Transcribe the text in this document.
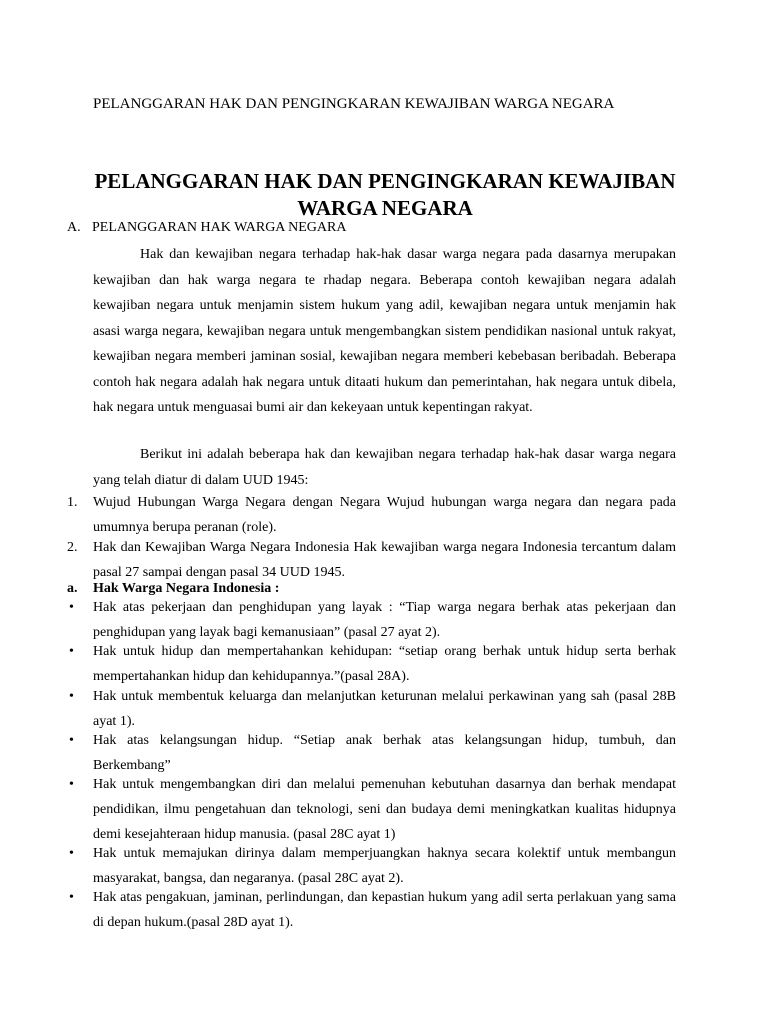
PELANGGARAN HAK DAN PENGINGKARAN KEWAJIBAN WARGA NEGARA
PELANGGARAN HAK DAN PENGINGKARAN KEWAJIBAN WARGA NEGARA
A. PELANGGARAN HAK WARGA NEGARA
Hak dan kewajiban negara terhadap hak-hak dasar warga negara pada dasarnya merupakan kewajiban dan hak warga negara te rhadap negara. Beberapa contoh kewajiban negara adalah kewajiban negara untuk menjamin sistem hukum yang adil, kewajiban negara untuk menjamin hak asasi warga negara, kewajiban negara untuk mengembangkan sistem pendidikan nasional untuk rakyat, kewajiban negara memberi jaminan sosial, kewajiban negara memberi kebebasan beribadah. Beberapa contoh hak negara adalah hak negara untuk ditaati hukum dan pemerintahan, hak negara untuk dibela, hak negara untuk menguasai bumi air dan kekeyaan untuk kepentingan rakyat.
Berikut ini adalah beberapa hak dan kewajiban negara terhadap hak-hak dasar warga negara yang telah diatur di dalam UUD 1945:
1. Wujud Hubungan Warga Negara dengan Negara Wujud hubungan warga negara dan negara pada umumnya berupa peranan (role).
2. Hak dan Kewajiban Warga Negara Indonesia Hak kewajiban warga negara Indonesia tercantum dalam pasal 27 sampai dengan pasal 34 UUD 1945.
a. Hak Warga Negara Indonesia :
• Hak atas pekerjaan dan penghidupan yang layak : “Tiap warga negara berhak atas pekerjaan dan penghidupan yang layak bagi kemanusiaan” (pasal 27 ayat 2).
• Hak untuk hidup dan mempertahankan kehidupan: “setiap orang berhak untuk hidup serta berhak mempertahankan hidup dan kehidupannya.”(pasal 28A).
• Hak untuk membentuk keluarga dan melanjutkan keturunan melalui perkawinan yang sah (pasal 28B ayat 1).
• Hak atas kelangsungan hidup. “Setiap anak berhak atas kelangsungan hidup, tumbuh, dan Berkembang”
• Hak untuk mengembangkan diri dan melalui pemenuhan kebutuhan dasarnya dan berhak mendapat pendidikan, ilmu pengetahuan dan teknologi, seni dan budaya demi meningkatkan kualitas hidupnya demi kesejahteraan hidup manusia. (pasal 28C ayat 1)
• Hak untuk memajukan dirinya dalam memperjuangkan haknya secara kolektif untuk membangun masyarakat, bangsa, dan negaranya. (pasal 28C ayat 2).
• Hak atas pengakuan, jaminan, perlindungan, dan kepastian hukum yang adil serta perlakuan yang sama di depan hukum.(pasal 28D ayat 1).
